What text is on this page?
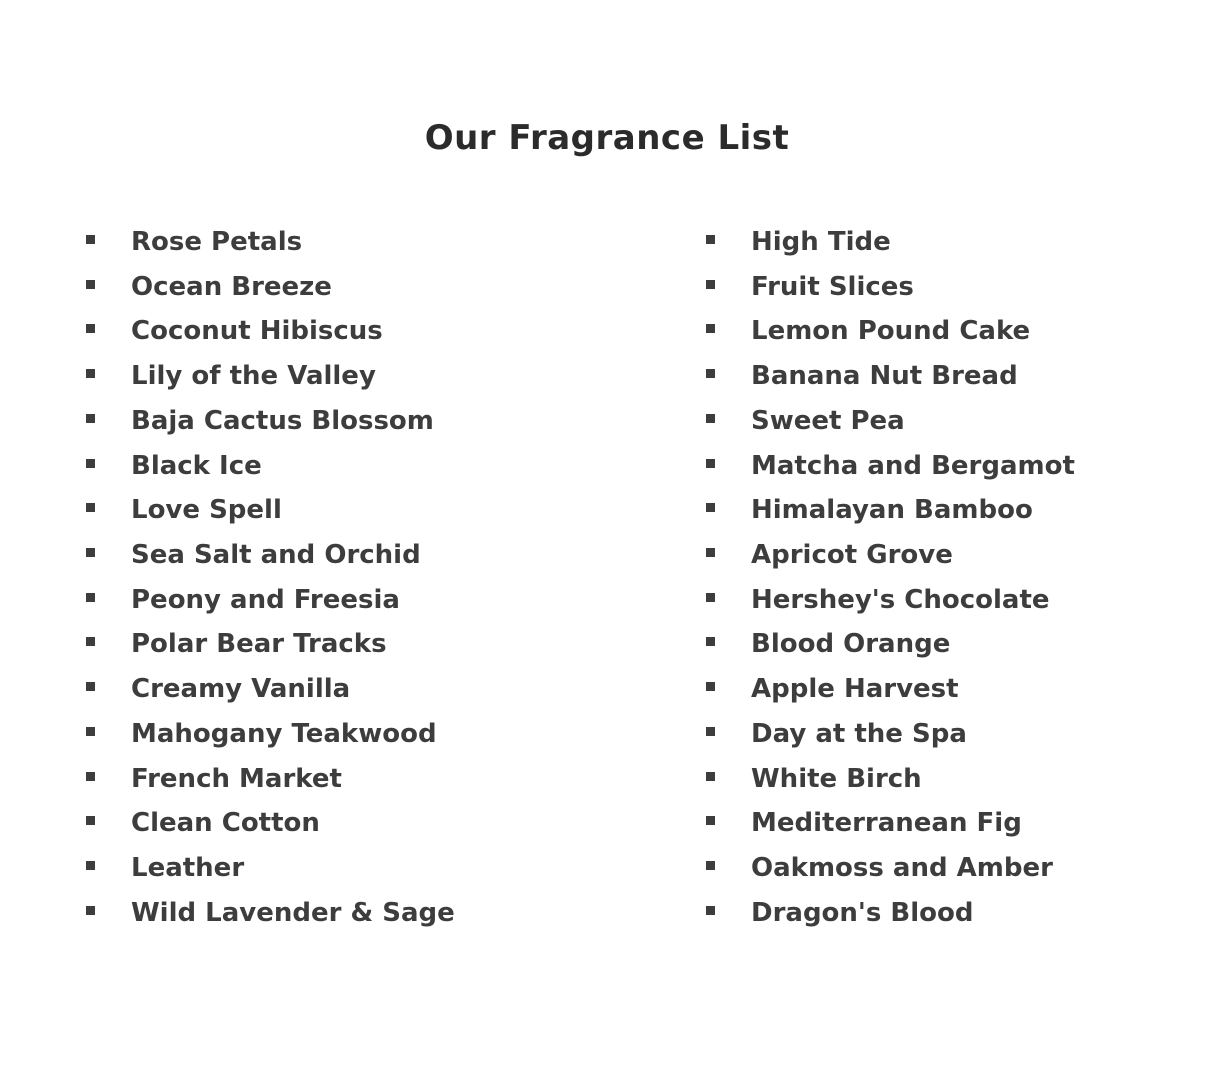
Our Fragrance List
Rose Petals
Ocean Breeze
Coconut Hibiscus
Lily of the Valley
Baja Cactus Blossom
Black Ice
Love Spell
Sea Salt and Orchid
Peony and Freesia
Polar Bear Tracks
Creamy Vanilla
Mahogany Teakwood
French Market
Clean Cotton
Leather
Wild Lavender & Sage
High Tide
Fruit Slices
Lemon Pound Cake
Banana Nut Bread
Sweet Pea
Matcha and Bergamot
Himalayan Bamboo
Apricot Grove
Hershey's Chocolate
Blood Orange
Apple Harvest
Day at the Spa
White Birch
Mediterranean Fig
Oakmoss and Amber
Dragon's Blood
